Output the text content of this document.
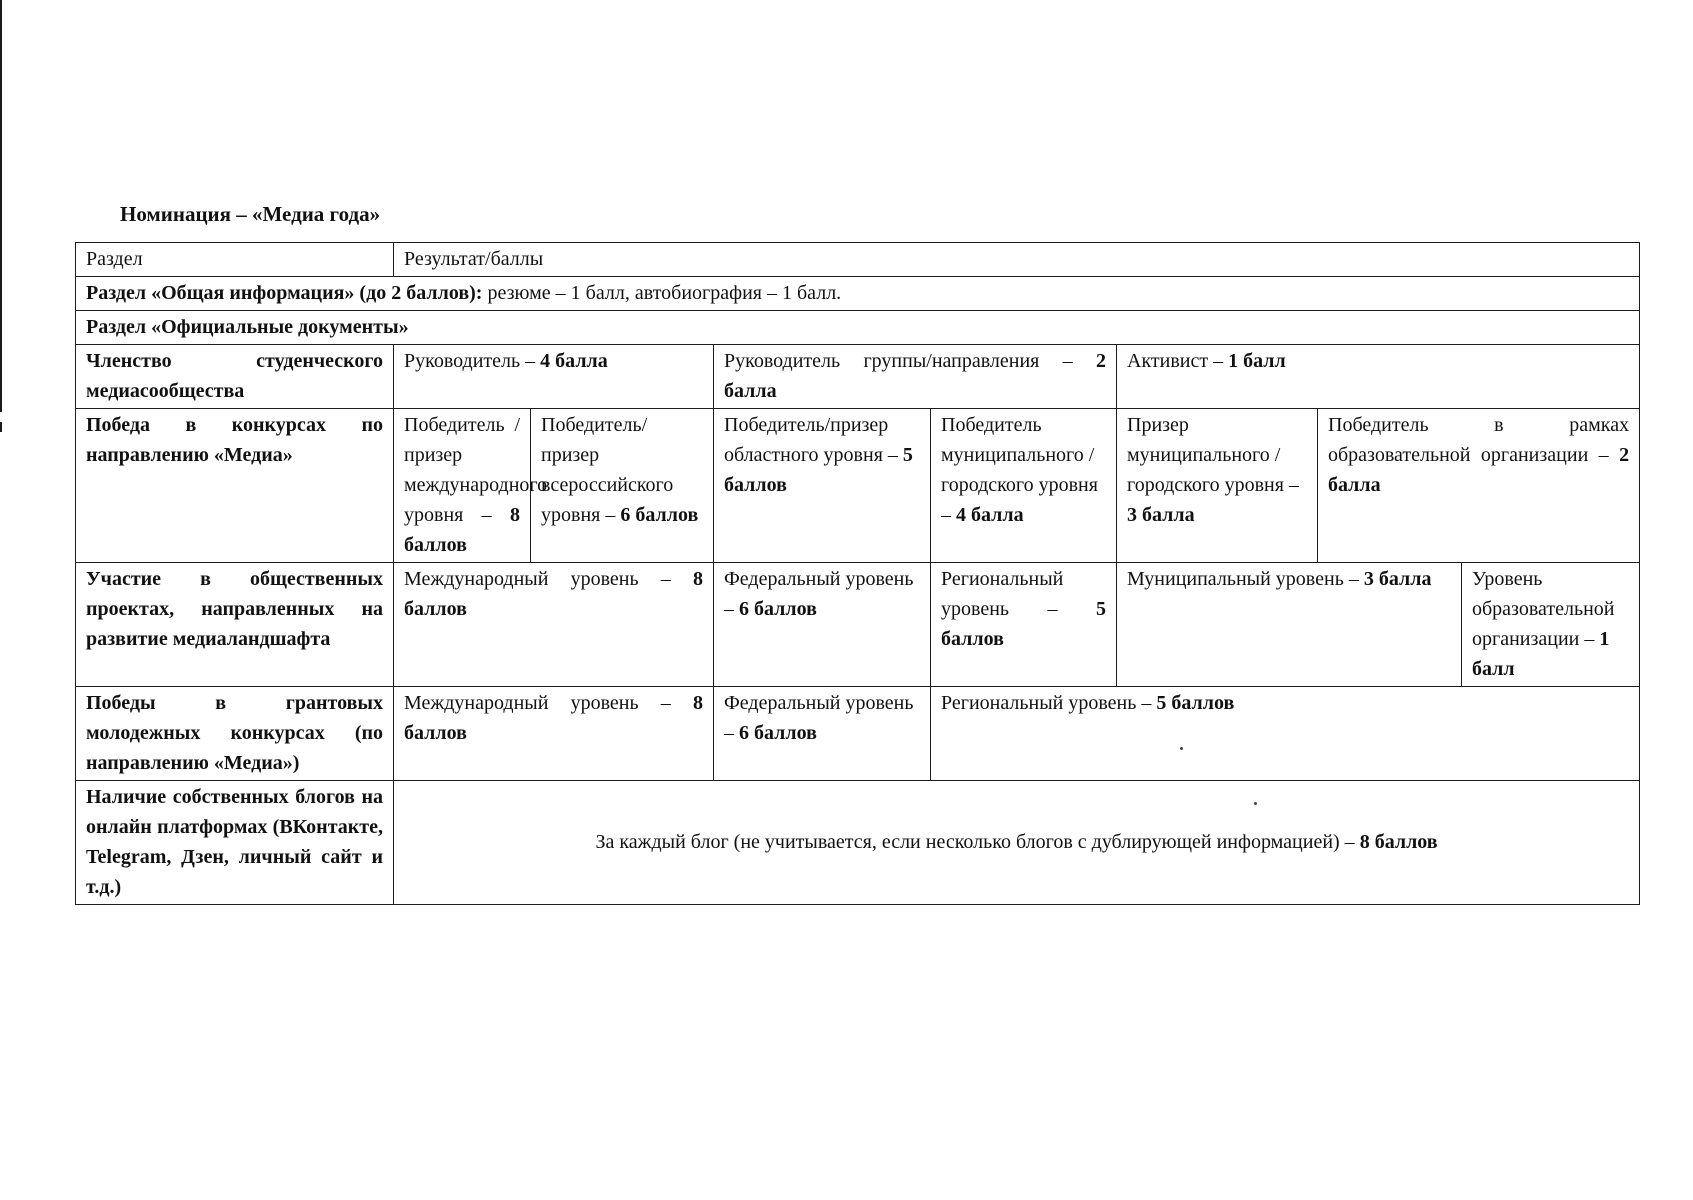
Номинация – «Медиа года»
Раздел	Результат/баллы						
Раздел «Общая информация» (до 2 баллов): резюме – 1 балл, автобиография – 1 балл.							
Раздел «Официальные документы»							
Членство студенческого медиасообщества	Руководитель – 4 балла		Руководитель группы/направления – 2 балла		Активист – 1 балл		
Победа в конкурсах по направлению «Медиа»	Победитель /призер международного уровня – 8 баллов	Победитель/призер всероссийского уровня – 6 баллов	Победитель/призер областного уровня – 5 баллов	Победитель муниципального /городского уровня – 4 балла	Призер муниципального /городского уровня – 3 балла	Победитель в рамках образовательной организации – 2 балла	
Участие в общественных проектах, направленных на развитие медиаландшафта	Международный уровень – 8 баллов		Федеральный уровень – 6 баллов	Региональный уровень – 5 баллов	Муниципальный уровень – 3 балла		Уровень образовательной организации – 1 балл
Победы в грантовых молодежных конкурсах (по направлению «Медиа»)	Международный уровень – 8 баллов		Федеральный уровень – 6 баллов	Региональный уровень – 5 баллов			
Наличие собственных блогов на онлайн платформах (ВКонтакте, Telegram, Дзен, личный сайт и т.д.)	За каждый блог (не учитывается, если несколько блогов с дублирующей информацией) – 8 баллов						
